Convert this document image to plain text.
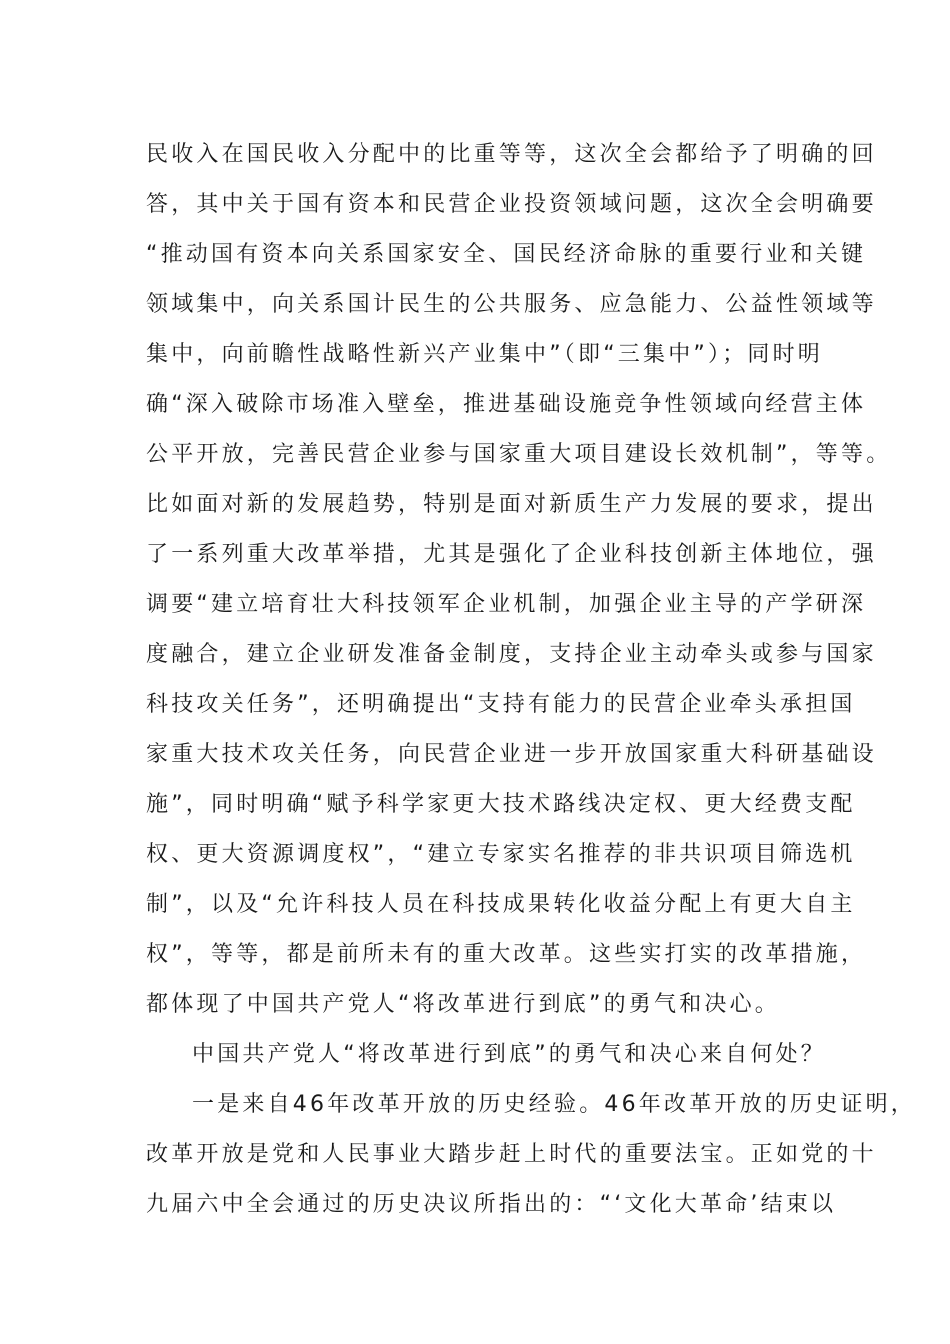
民收入在国民收入分配中的比重等等，这次全会都给予了明确的回
答，其中关于国有资本和民营企业投资领域问题，这次全会明确要
“推动国有资本向关系国家安全、国民经济命脉的重要行业和关键
领域集中，向关系国计民生的公共服务、应急能力、公益性领域等
集中，向前瞻性战略性新兴产业集中”（即“三集中”）；同时明
确“深入破除市场准入壁垒，推进基础设施竞争性领域向经营主体
公平开放，完善民营企业参与国家重大项目建设长效机制”，等等。
比如面对新的发展趋势，特别是面对新质生产力发展的要求，提出
了一系列重大改革举措，尤其是强化了企业科技创新主体地位，强
调要“建立培育壮大科技领军企业机制，加强企业主导的产学研深
度融合，建立企业研发准备金制度，支持企业主动牵头或参与国家
科技攻关任务”，还明确提出“支持有能力的民营企业牵头承担国
家重大技术攻关任务，向民营企业进一步开放国家重大科研基础设
施”，同时明确“赋予科学家更大技术路线决定权、更大经费支配
权、更大资源调度权”，“建立专家实名推荐的非共识项目筛选机
制”，以及“允许科技人员在科技成果转化收益分配上有更大自主
权”，等等，都是前所未有的重大改革。这些实打实的改革措施，
都体现了中国共产党人“将改革进行到底”的勇气和决心。
中国共产党人“将改革进行到底”的勇气和决心来自何处？
一是来自46年改革开放的历史经验。46年改革开放的历史证明，
改革开放是党和人民事业大踏步赶上时代的重要法宝。正如党的十
九届六中全会通过的历史决议所指出的：“‘文化大革命’结束以
